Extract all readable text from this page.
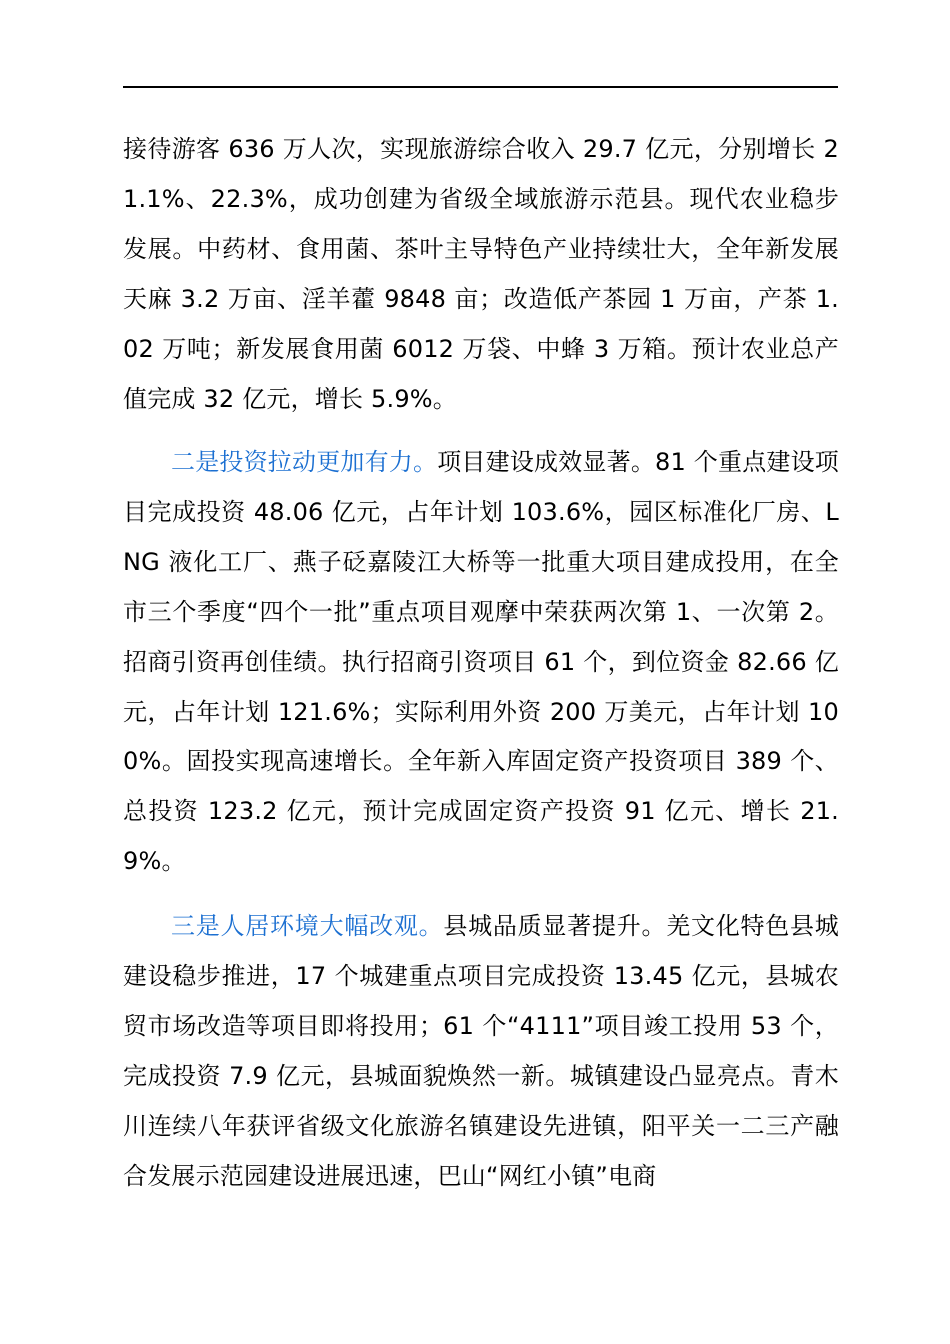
接待游客 636 万人次，实现旅游综合收入 29.7 亿元，分别增长 21.1%、22.3%，成功创建为省级全域旅游示范县。现代农业稳步发展。中药材、食用菌、茶叶主导特色产业持续壮大，全年新发展天麻 3.2 万亩、淫羊藿 9848 亩；改造低产茶园 1 万亩，产茶 1.02 万吨；新发展食用菌 6012 万袋、中蜂 3 万箱。预计农业总产值完成 32 亿元，增长 5.9%。

二是投资拉动更加有力。项目建设成效显著。81 个重点建设项目完成投资 48.06 亿元，占年计划 103.6%，园区标准化厂房、LNG 液化工厂、燕子砭嘉陵江大桥等一批重大项目建成投用，在全市三个季度“四个一批”重点项目观摩中荣获两次第 1、一次第 2。招商引资再创佳绩。执行招商引资项目 61 个，到位资金 82.66 亿元，占年计划 121.6%；实际利用外资 200 万美元，占年计划 100%。固投实现高速增长。全年新入库固定资产投资项目 389 个、总投资 123.2 亿元，预计完成固定资产投资 91 亿元、增长 21.9%。

三是人居环境大幅改观。县城品质显著提升。羌文化特色县城建设稳步推进，17 个城建重点项目完成投资 13.45 亿元，县城农贸市场改造等项目即将投用；61 个“4111”项目竣工投用 53 个，完成投资 7.9 亿元，县城面貌焕然一新。城镇建设凸显亮点。青木川连续八年获评省级文化旅游名镇建设先进镇，阳平关一二三产融合发展示范园建设进展迅速，巴山“网红小镇”电商
